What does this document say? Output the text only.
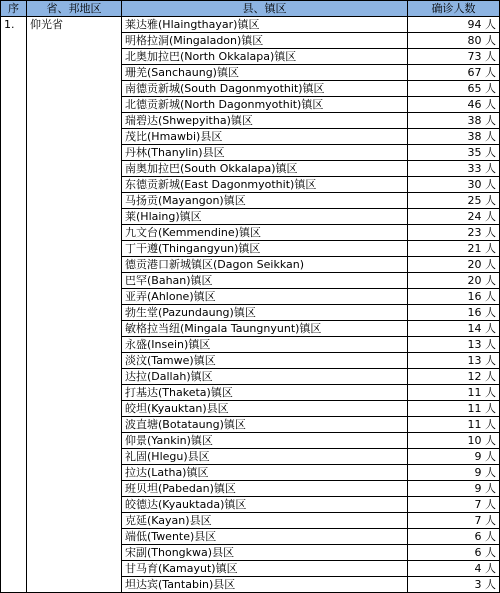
序	省、邦地区	县、镇区	确诊人数
1.	仰光省	莱达雅(Hlaingthayar)镇区	94 人
		明格拉洞(Mingaladon)镇区	80 人
		北奥加拉巴(North Okkalapa)镇区	73 人
		珊羌(Sanchaung)镇区	67 人
		南德贡新城(South Dagonmyothit)镇区	65 人
		北德贡新城(North Dagonmyothit)镇区	46 人
		瑞碧达(Shwepyitha)镇区	38 人
		茂比(Hmawbi)县区	38 人
		丹林(Thanylin)县区	35 人
		南奥加拉巴(South Okkalapa)镇区	33 人
		东德贡新城(East Dagonmyothit)镇区	30 人
		马扬贡(Mayangon)镇区	25 人
		莱(Hlaing)镇区	24 人
		九文台(Kemmendine)镇区	23 人
		丁干遵(Thingangyun)镇区	21 人
		德贡港口新城镇区(Dagon Seikkan)	20 人
		巴罕(Bahan)镇区	20 人
		亚弄(Ahlone)镇区	16 人
		勃生堂(Pazundaung)镇区	16 人
		敏格拉当纽(Mingala Taungnyunt)镇区	14 人
		永盛(Insein)镇区	13 人
		淡汶(Tamwe)镇区	13 人
		达拉(Dallah)镇区	12 人
		打基达(Thaketa)镇区	11 人
		皎坦(Kyauktan)县区	11 人
		波直塘(Botataung)镇区	11 人
		仰景(Yankin)镇区	10 人
		礼固(Hlegu)县区	9 人
		拉达(Latha)镇区	9 人
		班贝坦(Pabedan)镇区	9 人
		皎德达(Kyauktada)镇区	7 人
		克延(Kayan)县区	7 人
		端低(Twente)县区	6 人
		宋副(Thongkwa)县区	6 人
		甘马育(Kamayut)镇区	4 人
		坦达宾(Tantabin)县区	3 人
